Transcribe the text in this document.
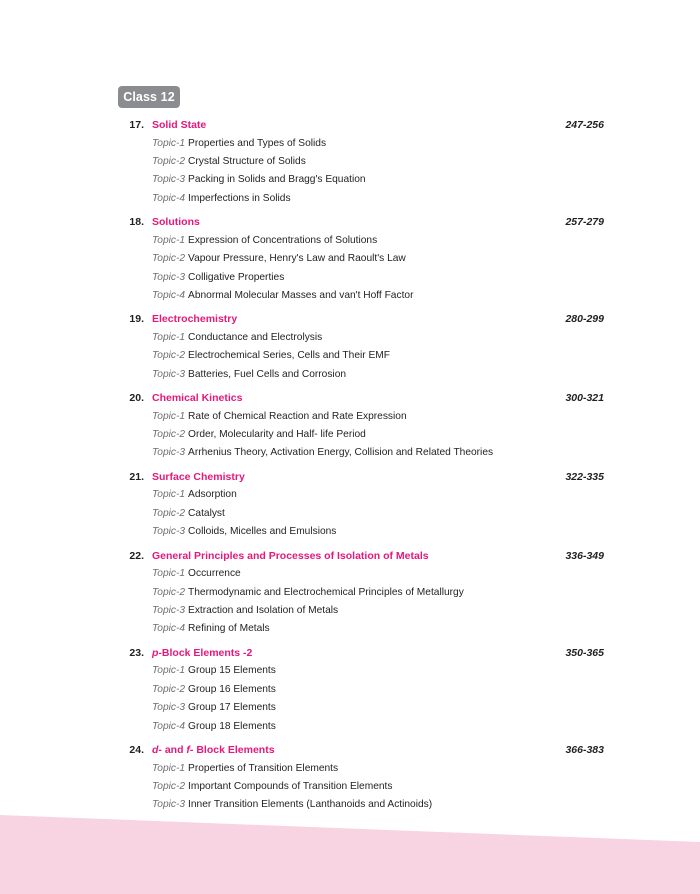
Class 12
17. Solid State	247-256
Topic-1 Properties and Types of Solids
Topic-2 Crystal Structure of Solids
Topic-3 Packing in Solids and Bragg's Equation
Topic-4 Imperfections in Solids
18. Solutions	257-279
Topic-1 Expression of Concentrations of Solutions
Topic-2 Vapour Pressure, Henry's Law and Raoult's Law
Topic-3 Colligative Properties
Topic-4 Abnormal Molecular Masses and van't Hoff Factor
19. Electrochemistry	280-299
Topic-1 Conductance and Electrolysis
Topic-2 Electrochemical Series, Cells and Their EMF
Topic-3 Batteries, Fuel Cells and Corrosion
20. Chemical Kinetics	300-321
Topic-1 Rate of Chemical Reaction and Rate Expression
Topic-2 Order, Molecularity and Half- life Period
Topic-3 Arrhenius Theory, Activation Energy, Collision and Related Theories
21. Surface Chemistry	322-335
Topic-1 Adsorption
Topic-2 Catalyst
Topic-3 Colloids, Micelles and Emulsions
22. General Principles and Processes of Isolation of Metals	336-349
Topic-1 Occurrence
Topic-2 Thermodynamic and Electrochemical Principles of Metallurgy
Topic-3 Extraction and Isolation of Metals
Topic-4 Refining of Metals
23. p-Block Elements -2	350-365
Topic-1 Group 15 Elements
Topic-2 Group 16 Elements
Topic-3 Group 17 Elements
Topic-4 Group 18 Elements
24. d- and f- Block Elements	366-383
Topic-1 Properties of Transition Elements
Topic-2 Important Compounds of Transition Elements
Topic-3 Inner Transition Elements (Lanthanoids and Actinoids)
